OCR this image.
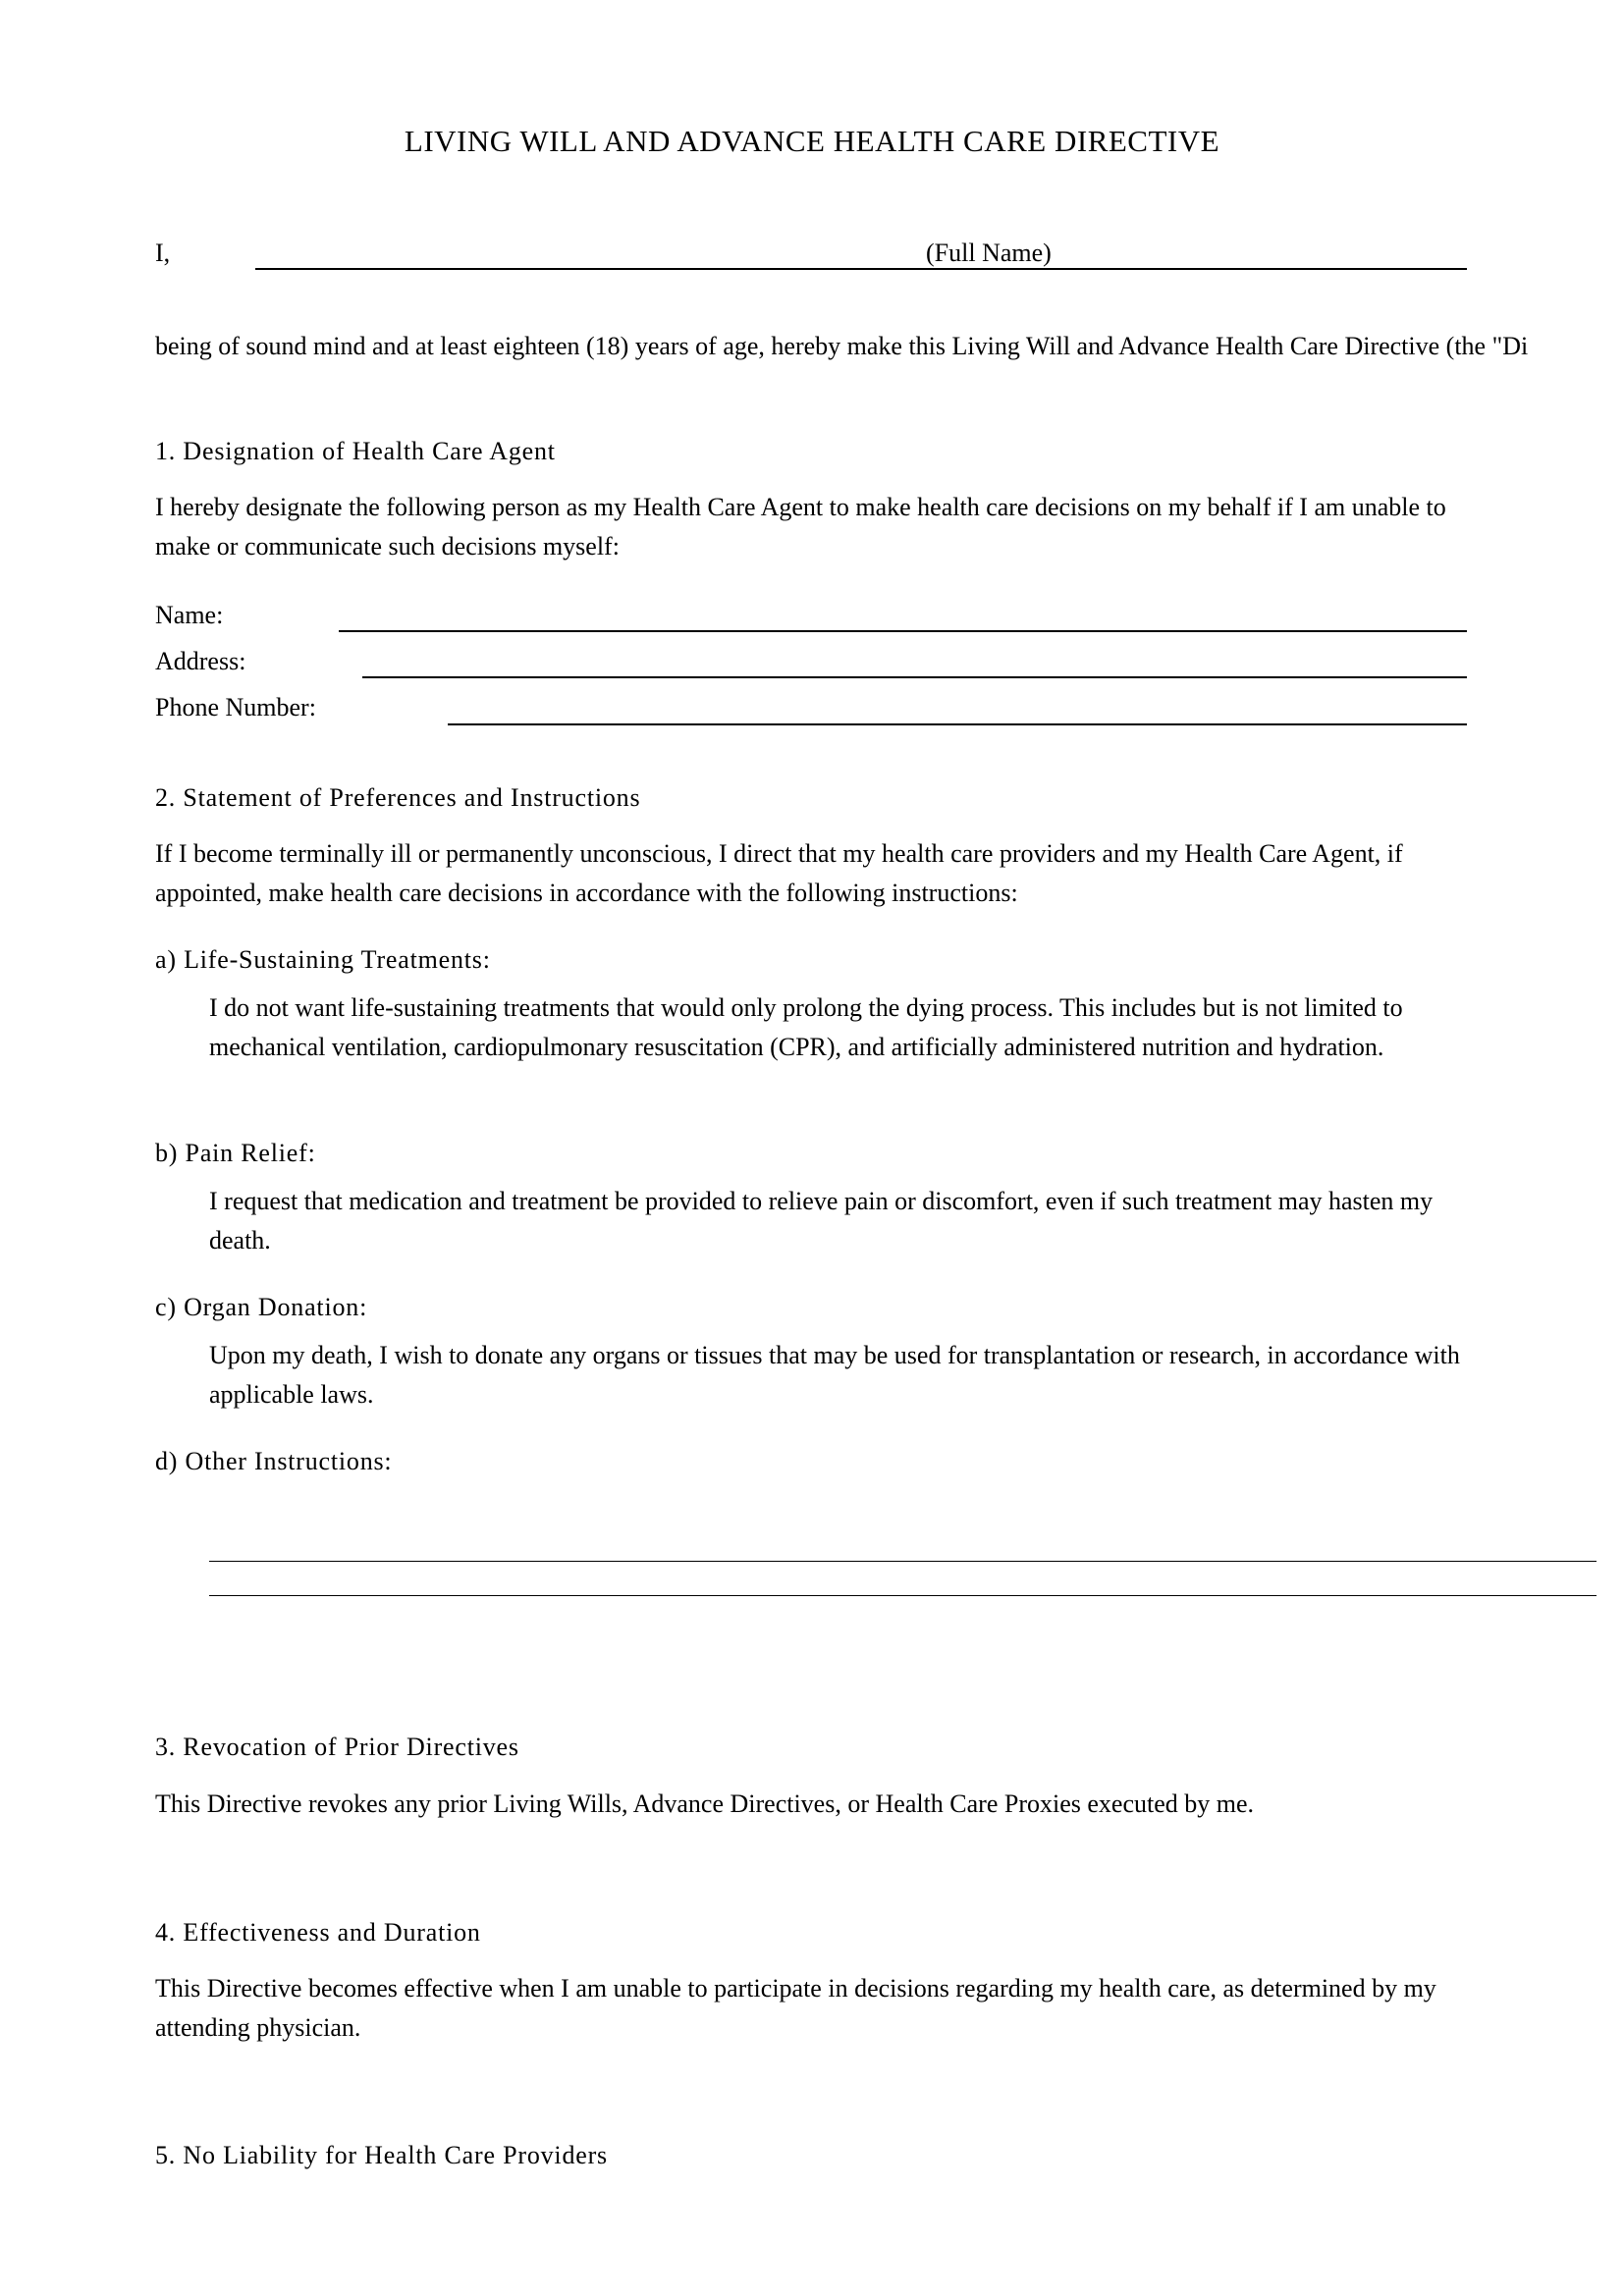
LIVING WILL AND ADVANCE HEALTH CARE DIRECTIVE
I,	(Full Name)
being of sound mind and at least eighteen (18) years of age, hereby make this Living Will and Advance Health Care Directive (the "Di
1. Designation of Health Care Agent
I hereby designate the following person as my Health Care Agent to make health care decisions on my behalf if I am unable to make or communicate such decisions myself:
Name:
Address:
Phone Number:
2. Statement of Preferences and Instructions
If I become terminally ill or permanently unconscious, I direct that my health care providers and my Health Care Agent, if appointed, make health care decisions in accordance with the following instructions:
a) Life-Sustaining Treatments:
I do not want life-sustaining treatments that would only prolong the dying process. This includes but is not limited to mechanical ventilation, cardiopulmonary resuscitation (CPR), and artificially administered nutrition and hydration.
b) Pain Relief:
I request that medication and treatment be provided to relieve pain or discomfort, even if such treatment may hasten my death.
c) Organ Donation:
Upon my death, I wish to donate any organs or tissues that may be used for transplantation or research, in accordance with applicable laws.
d) Other Instructions:
3. Revocation of Prior Directives
This Directive revokes any prior Living Wills, Advance Directives, or Health Care Proxies executed by me.
4. Effectiveness and Duration
This Directive becomes effective when I am unable to participate in decisions regarding my health care, as determined by my attending physician.
5. No Liability for Health Care Providers
